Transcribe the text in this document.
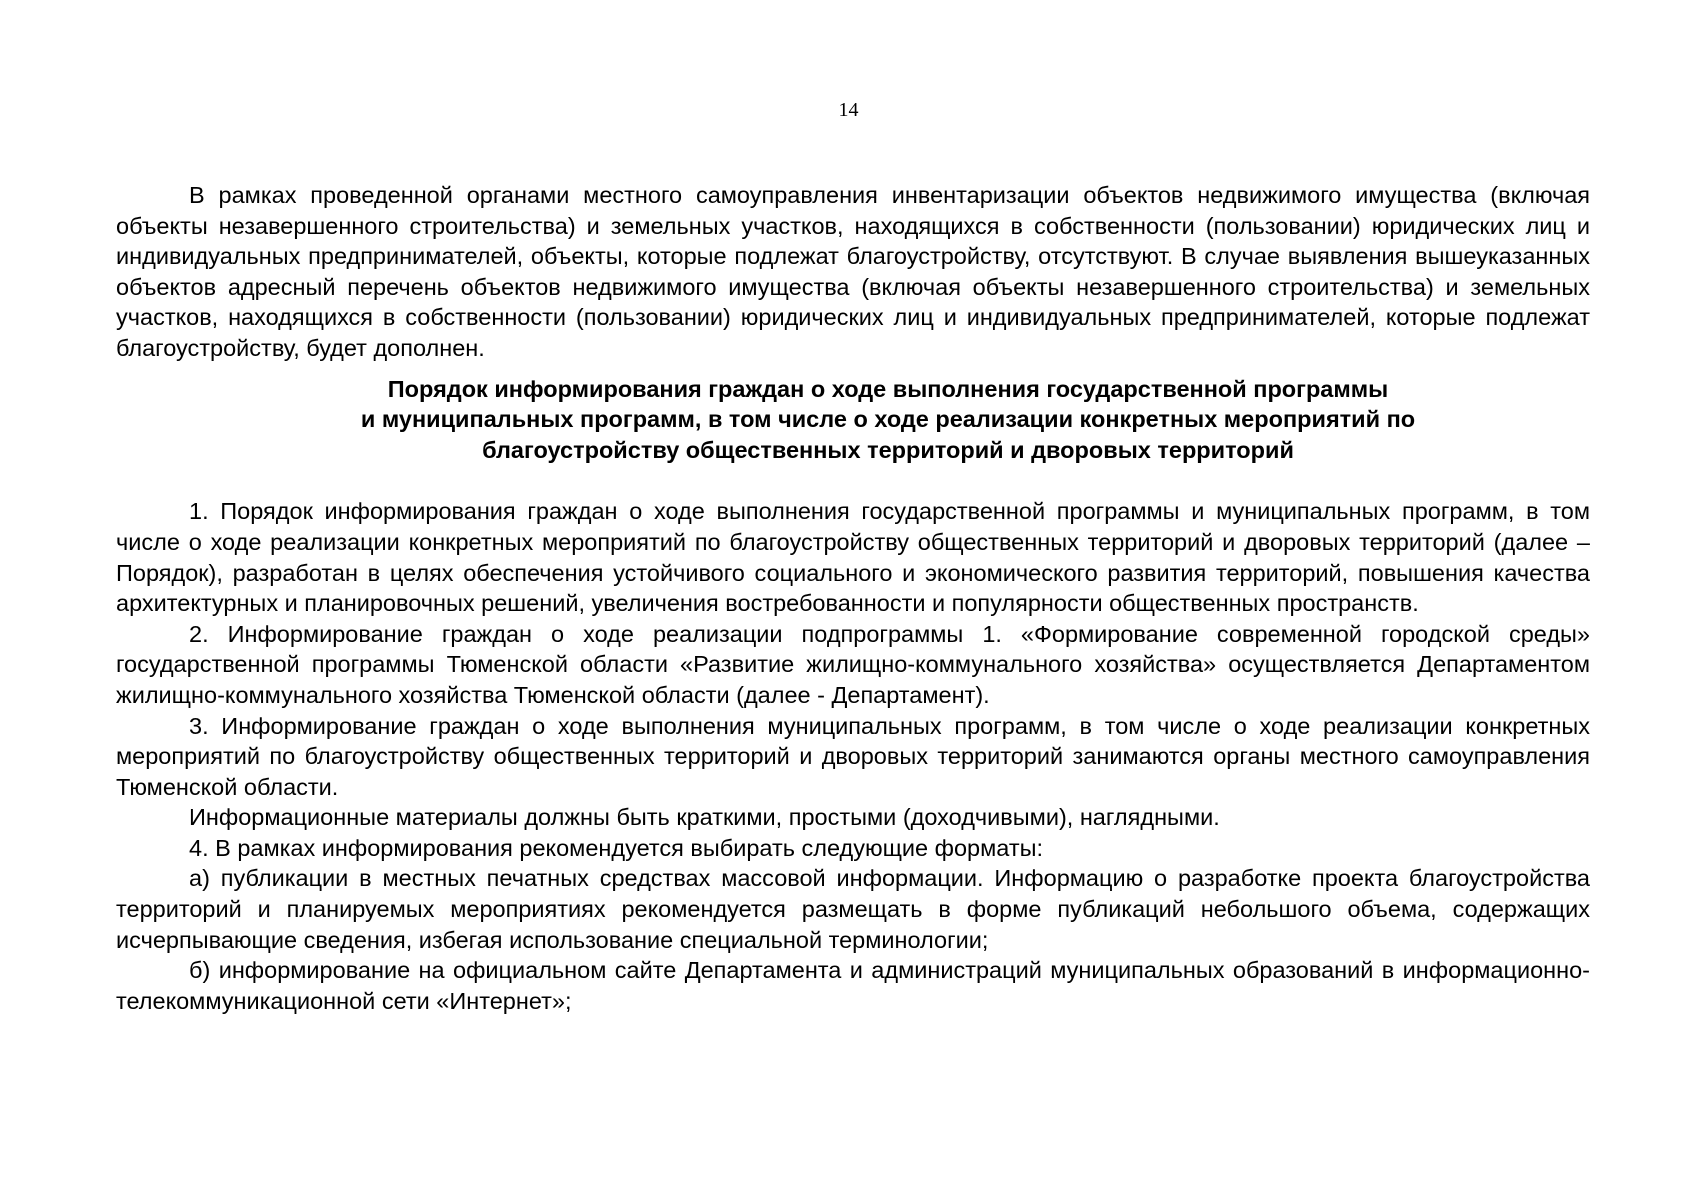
14

В рамках проведенной органами местного самоуправления инвентаризации объектов недвижимого имущества (включая объекты незавершенного строительства) и земельных участков, находящихся в собственности (пользовании) юридических лиц и индивидуальных предпринимателей, объекты, которые подлежат благоустройству, отсутствуют. В случае выявления вышеуказанных объектов адресный перечень объектов недвижимого имущества (включая объекты незавершенного строительства) и земельных участков, находящихся в собственности (пользовании) юридических лиц и индивидуальных предпринимателей, которые подлежат благоустройству, будет дополнен.

Порядок информирования граждан о ходе выполнения государственной программы
и муниципальных программ, в том числе о ходе реализации конкретных мероприятий по
благоустройству общественных территорий и дворовых территорий

1. Порядок информирования граждан о ходе выполнения государственной программы и муниципальных программ, в том числе о ходе реализации конкретных мероприятий по благоустройству общественных территорий и дворовых территорий (далее – Порядок), разработан в целях обеспечения устойчивого социального и экономического развития территорий, повышения качества архитектурных и планировочных решений, увеличения востребованности и популярности общественных пространств.

2. Информирование граждан о ходе реализации подпрограммы 1. «Формирование современной городской среды» государственной программы Тюменской области «Развитие жилищно-коммунального хозяйства» осуществляется Департаментом жилищно-коммунального хозяйства Тюменской области (далее - Департамент).

3. Информирование граждан о ходе выполнения муниципальных программ, в том числе о ходе реализации конкретных мероприятий по благоустройству общественных территорий и дворовых территорий занимаются органы местного самоуправления Тюменской области.

Информационные материалы должны быть краткими, простыми (доходчивыми), наглядными.

4. В рамках информирования рекомендуется выбирать следующие форматы:

а) публикации в местных печатных средствах массовой информации. Информацию о разработке проекта благоустройства территорий и планируемых мероприятиях рекомендуется размещать в форме публикаций небольшого объема, содержащих исчерпывающие сведения, избегая использование специальной терминологии;

б) информирование на официальном сайте Департамента и администраций муниципальных образований в информационно-телекоммуникационной сети «Интернет»;
